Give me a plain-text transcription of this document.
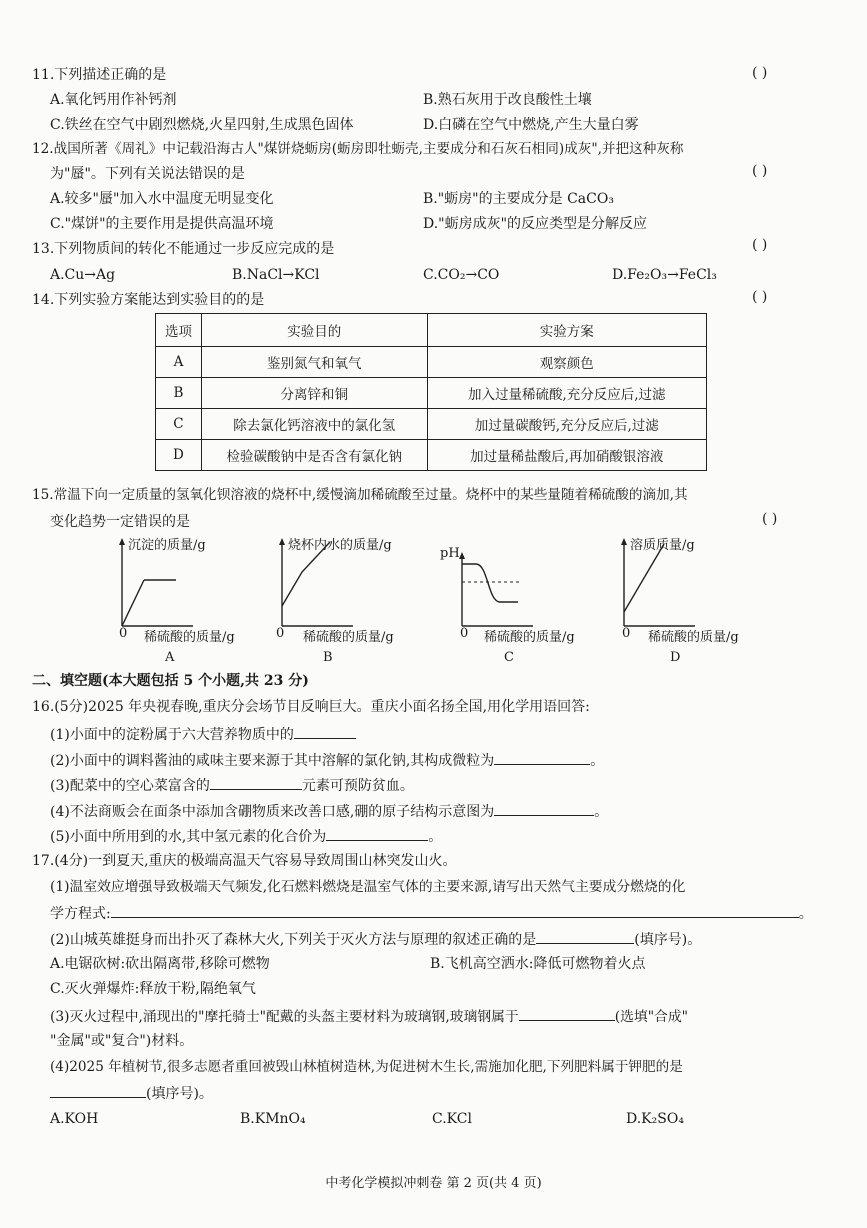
11.下列描述正确的是	( )
A.氧化钙用作补钙剂	B.熟石灰用于改良酸性土壤
C.铁丝在空气中剧烈燃烧,火星四射,生成黑色固体	D.白磷在空气中燃烧,产生大量白雾
12.战国所著《周礼》中记载沿海古人"煤饼烧蛎房(蛎房即牡蛎壳,主要成分和石灰石相同)成灰",并把这种灰称
为"蜃"。下列有关说法错误的是	( )
A.较多"蜃"加入水中温度无明显变化	B."蛎房"的主要成分是 CaCO₃
C."煤饼"的主要作用是提供高温环境	D."蛎房成灰"的反应类型是分解反应
13.下列物质间的转化不能通过一步反应完成的是	( )
A.Cu→Ag	B.NaCl→KCl	C.CO₂→CO	D.Fe₂O₃→FeCl₃
14.下列实验方案能达到实验目的的是	( )
选项	实验目的	实验方案
A	鉴别氮气和氧气	观察颜色
B	分离锌和铜	加入过量稀硫酸,充分反应后,过滤
C	除去氯化钙溶液中的氯化氢	加过量碳酸钙,充分反应后,过滤
D	检验碳酸钠中是否含有氯化钠	加过量稀盐酸后,再加硝酸银溶液
15.常温下向一定质量的氢氧化钡溶液的烧杯中,缓慢滴加稀硫酸至过量。烧杯中的某些量随着稀硫酸的滴加,其
变化趋势一定错误的是	( )
沉淀的质量/g
0 稀硫酸的质量/g
A
烧杯内水的质量/g
0 稀硫酸的质量/g
B
pH
0 稀硫酸的质量/g
C
溶质质量/g
0 稀硫酸的质量/g
D
二、填空题(本大题包括 5 个小题,共 23 分)
16.(5分)2025 年央视春晚,重庆分会场节目反响巨大。重庆小面名扬全国,用化学用语回答:
(1)小面中的淀粉属于六大营养物质中的
(2)小面中的调料酱油的咸味主要来源于其中溶解的氯化钠,其构成微粒为	。
(3)配菜中的空心菜富含的	元素可预防贫血。
(4)不法商贩会在面条中添加含硼物质来改善口感,硼的原子结构示意图为	。
(5)小面中所用到的水,其中氢元素的化合价为	。
17.(4分)一到夏天,重庆的极端高温天气容易导致周围山林突发山火。
(1)温室效应增强导致极端天气频发,化石燃料燃烧是温室气体的主要来源,请写出天然气主要成分燃烧的化
学方程式:	。
(2)山城英雄挺身而出扑灭了森林大火,下列关于灭火方法与原理的叙述正确的是	(填序号)。
A.电锯砍树:砍出隔离带,移除可燃物	B.飞机高空洒水:降低可燃物着火点
C.灭火弹爆炸:释放干粉,隔绝氧气
(3)灭火过程中,涌现出的"摩托骑士"配戴的头盔主要材料为玻璃钢,玻璃钢属于	(选填"合成"
"金属"或"复合")材料。
(4)2025 年植树节,很多志愿者重回被毁山林植树造林,为促进树木生长,需施加化肥,下列肥料属于钾肥的是
(填序号)。
A.KOH	B.KMnO₄	C.KCl	D.K₂SO₄
中考化学模拟冲刺卷 第 2 页(共 4 页)
